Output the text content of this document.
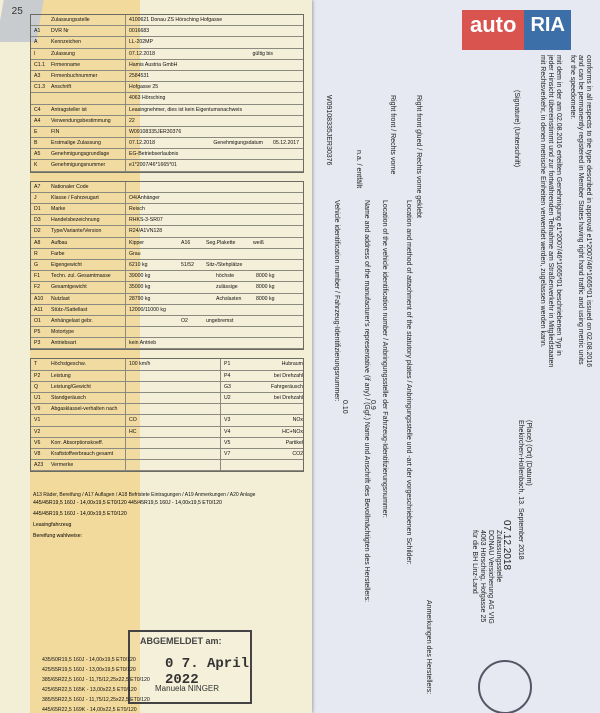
auto RIA
conforms in all respects to the type described in approval e1*2007/46*1665*01 issued on 02.08.2016
and can be permanently registered in Member States having right hand traffic and using metric units
for the speedometer.
mit dem in der am 02.08.2016 erteilten Genehmigung e1*2007/46*1665*01 beschriebenen Typ in
jeder Hinsicht übereinstimmt und zur fortwährenden Teilnahme am Straßenverkehr in Mitgliedstaaten
mit Rechtsverkehr, in denen metrische Einheiten verwendet werden, zugelassen werden kann.
(Place) (Ort) (Datum)
Ehekirchen-Hollenbach, 13. September 2018
(Signature) (Unterschrift)
Right front glued / Rechts vorne geklebt
Location and method of attachment of the statutory plates / Anbringungsstelle und -art der vorgeschriebenen Schilder:
Right front / Rechts vorne
Location of the vehicle identification number / Anbringungsstelle der Fahrzeug-Identifizierungsnummer:
0.9
Name and address of the manufacturer's representative (if any) / (Ggf.) Name und Anschrift des Bevollmächtigten des Herstellers:
n.a. / entfällt
0.10
Vehicle identification number / Fahrzeug-Identifizierungsnummer:
W09108335JER30376
Anmerkungen des Herstellers:
Zulassungsstelle
DONAU Versicherung AG VIG
4063 Hörsching, Hofgasse 25
für die BH Linz-Land 07.12.2018
25
Zulassungsstelle	4100621 Donau ZS Hörsching Hofgasse
A1	DVR Nr	0016683
A	Kennzeichen	LL-202MP
I	Zulassung	07.12.2018	gültig bis
C1.1	Firmenname	Hamis Austria GmbH
A3	Firmenbuchnummer	2584531
C1.3	Anschrift	Hofgasse 25
4063 Hörsching
C4	Antragsteller ist	Leasingnehmer, dies ist kein Eigentumsnachweis
A4	Verwendungsbestimmung	22
E	FIN	W09108335JER30376
B	Erstmalige Zulassung	07.12.2018	Genehmigungsdatum 05.12.2017
A5	Genehmigungsgrundlage	EG-Betriebserlaubnis
K	Genehmigungsnummer	e1*2007/46*1665*01
A7	Nationaler Code
J	Klasse / Fahrzeugart	O4/Anhänger
D1	Marke	Reisch
D3	Handelsbezeichnung	RHKS-3-SR07
D2	Type/Variante/Version	R24/A1VN128
A8	Aufbau	Kipper	A16	Seg.Plakette	weiß
R	Farbe	Grau
G	Eigengewicht	6210 kg	51/52 Sitz-/Stehplätze
F1	Techn. zul. Gesamtmasse	39000 kg	höchste	8000 kg
F2	Gesamtgewicht	35000 kg	zulässige	8000 kg
A10	Nutzlast	28790 kg	Achslasten	8000 kg
A11	Stütz-/Sattellast	12000/11000 kg
O1	Anhängelast gebr.	O2	ungebremst
P5	Motortype
P3	Antriebsart	kein Antrieb
T	Höchstgeschw.	100 km/h	P1	Hubraum
P2	Leistung	P4	bei Drehzahl
Q	Leistung/Gewicht	G3	Fahrgeräusch
U1	Standgeräusch	U2	bei Drehzahl
V9	Abgasklassel-verhalten nach
V1	CO	V3	NOx
V2	HC	V4	HC+NOx
V6	Korr. Absorptionskoeff.	V5	Partikel
V8	Kraftstoffverbrauch gesamt	V7	CO2
A23	Vermerke
A13 Räder, Bereifung / A17 Auflagen / A18 Befristete Eintragungen / A19 Anmerkungen / A20 Anlage
445/45R19,5 160J - 14,00x19,5 ET0/120 445/45R19,5 160J - 14,00x19,5 ET0/120
445/45R19,5 160J - 14,00x19,5 ET0/120
Leasingfahrzeug
Bereifung wahlweise:
ABGEMELDET am:
0 7. April 2022
Manuela NINGER
435/50R19,5 160J - 14,00x19,5 ET0/120
425/55R19,5 160J - 13,00x19,5 ET0/120
385/65R22,5 160J - 11,75/12,25x22,5 ET0/120
425/65R22,5 165K - 13,00x22,5 ET0/120
385/55R22,5 160J - 11,75/12,25x22,5 ET0/120
445/65R22,5 169K - 14,00x22,5 ET0/120
